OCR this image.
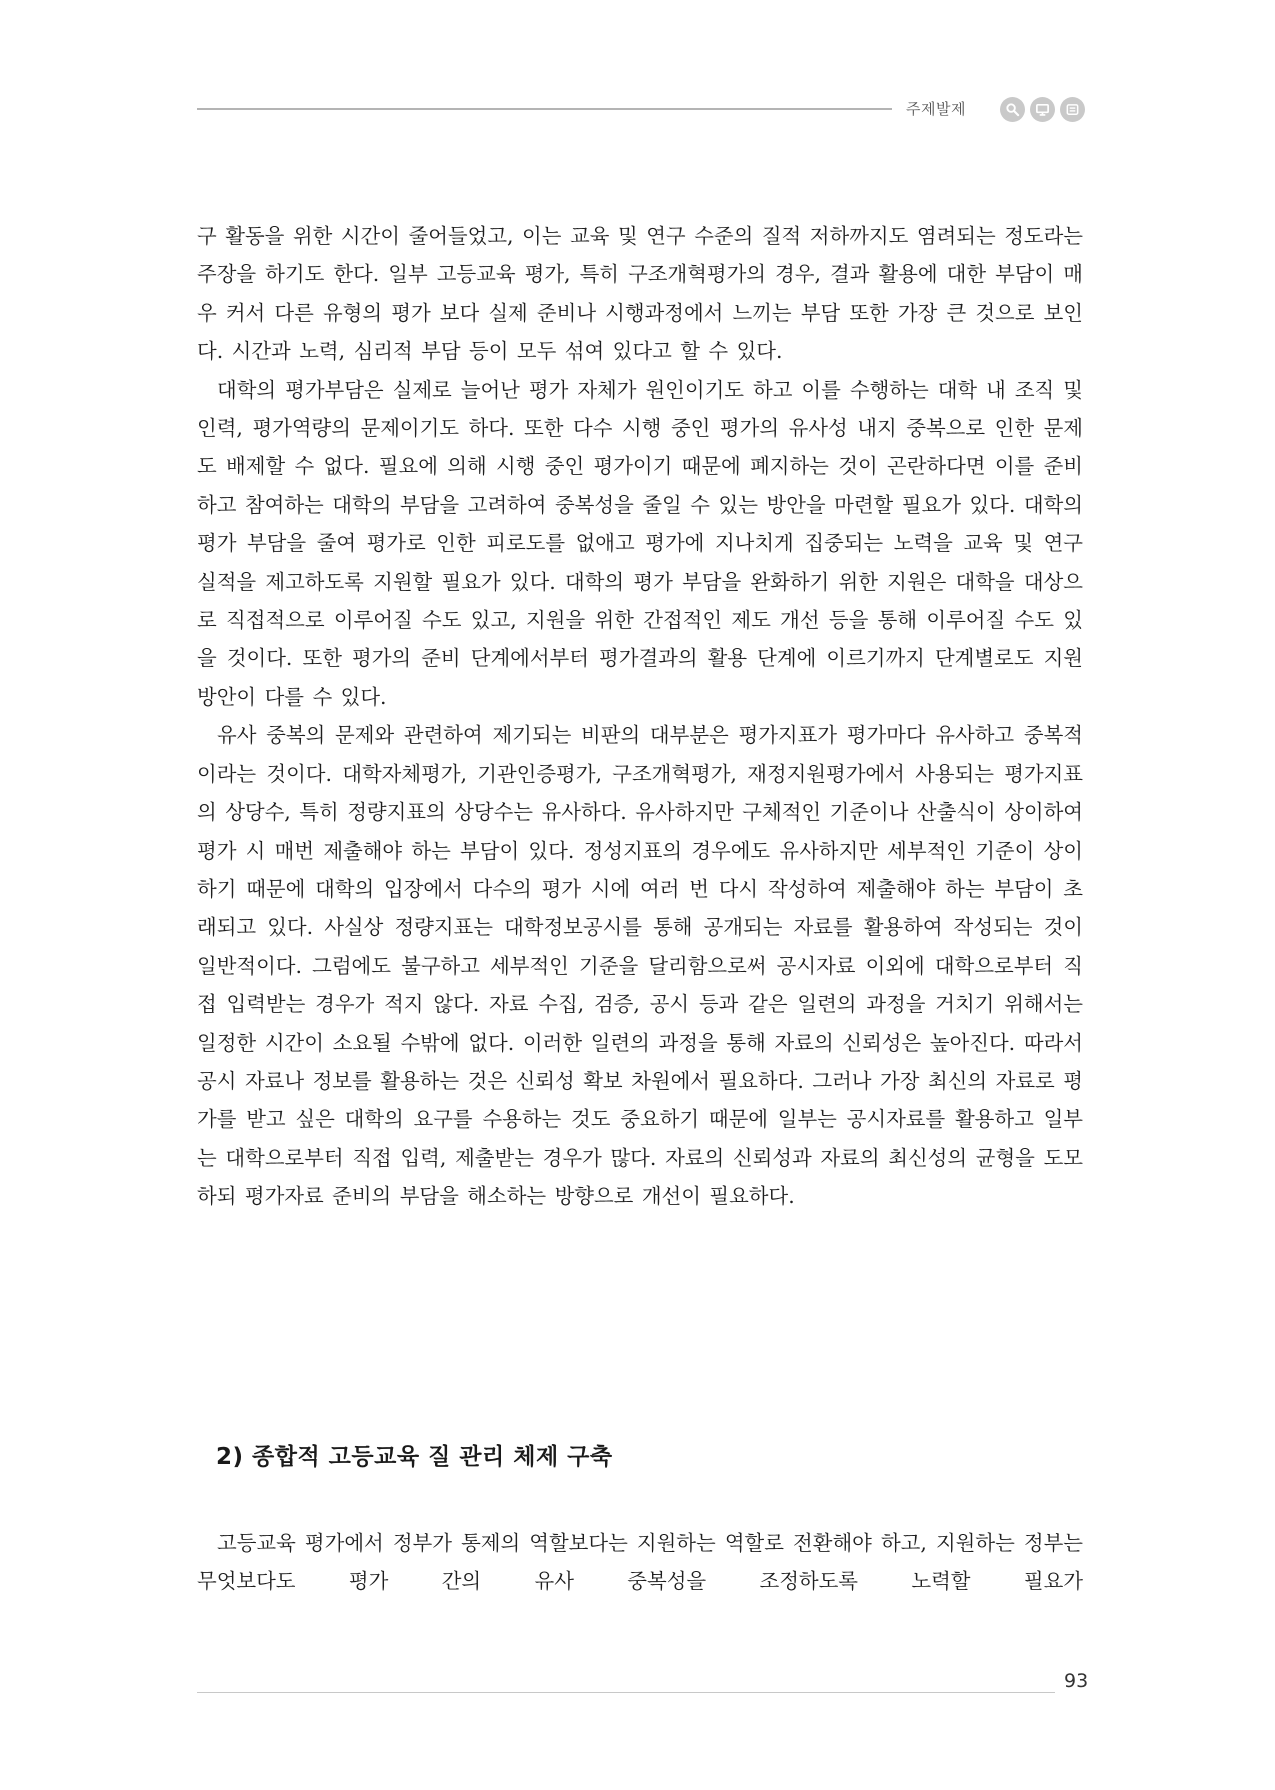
주제발제

구 활동을 위한 시간이 줄어들었고, 이는 교육 및 연구 수준의 질적 저하까지도 염려되는 정도라는 주장을 하기도 한다. 일부 고등교육 평가, 특히 구조개혁평가의 경우, 결과 활용에 대한 부담이 매우 커서 다른 유형의 평가 보다 실제 준비나 시행과정에서 느끼는 부담 또한 가장 큰 것으로 보인다. 시간과 노력, 심리적 부담 등이 모두 섞여 있다고 할 수 있다.

대학의 평가부담은 실제로 늘어난 평가 자체가 원인이기도 하고 이를 수행하는 대학 내 조직 및 인력, 평가역량의 문제이기도 하다. 또한 다수 시행 중인 평가의 유사성 내지 중복으로 인한 문제도 배제할 수 없다. 필요에 의해 시행 중인 평가이기 때문에 폐지하는 것이 곤란하다면 이를 준비하고 참여하는 대학의 부담을 고려하여 중복성을 줄일 수 있는 방안을 마련할 필요가 있다. 대학의 평가 부담을 줄여 평가로 인한 피로도를 없애고 평가에 지나치게 집중되는 노력을 교육 및 연구 실적을 제고하도록 지원할 필요가 있다. 대학의 평가 부담을 완화하기 위한 지원은 대학을 대상으로 직접적으로 이루어질 수도 있고, 지원을 위한 간접적인 제도 개선 등을 통해 이루어질 수도 있을 것이다. 또한 평가의 준비 단계에서부터 평가결과의 활용 단계에 이르기까지 단계별로도 지원 방안이 다를 수 있다.

유사 중복의 문제와 관련하여 제기되는 비판의 대부분은 평가지표가 평가마다 유사하고 중복적이라는 것이다. 대학자체평가, 기관인증평가, 구조개혁평가, 재정지원평가에서 사용되는 평가지표의 상당수, 특히 정량지표의 상당수는 유사하다. 유사하지만 구체적인 기준이나 산출식이 상이하여 평가 시 매번 제출해야 하는 부담이 있다. 정성지표의 경우에도 유사하지만 세부적인 기준이 상이하기 때문에 대학의 입장에서 다수의 평가 시에 여러 번 다시 작성하여 제출해야 하는 부담이 초래되고 있다. 사실상 정량지표는 대학정보공시를 통해 공개되는 자료를 활용하여 작성되는 것이 일반적이다. 그럼에도 불구하고 세부적인 기준을 달리함으로써 공시자료 이외에 대학으로부터 직접 입력받는 경우가 적지 않다. 자료 수집, 검증, 공시 등과 같은 일련의 과정을 거치기 위해서는 일정한 시간이 소요될 수밖에 없다. 이러한 일련의 과정을 통해 자료의 신뢰성은 높아진다. 따라서 공시 자료나 정보를 활용하는 것은 신뢰성 확보 차원에서 필요하다. 그러나 가장 최신의 자료로 평가를 받고 싶은 대학의 요구를 수용하는 것도 중요하기 때문에 일부는 공시자료를 활용하고 일부는 대학으로부터 직접 입력, 제출받는 경우가 많다. 자료의 신뢰성과 자료의 최신성의 균형을 도모하되 평가자료 준비의 부담을 해소하는 방향으로 개선이 필요하다.

2) 종합적 고등교육 질 관리 체제 구축

고등교육 평가에서 정부가 통제의 역할보다는 지원하는 역할로 전환해야 하고, 지원하는 정부는 무엇보다도 평가 간의 유사 중복성을 조정하도록 노력할 필요가

93
